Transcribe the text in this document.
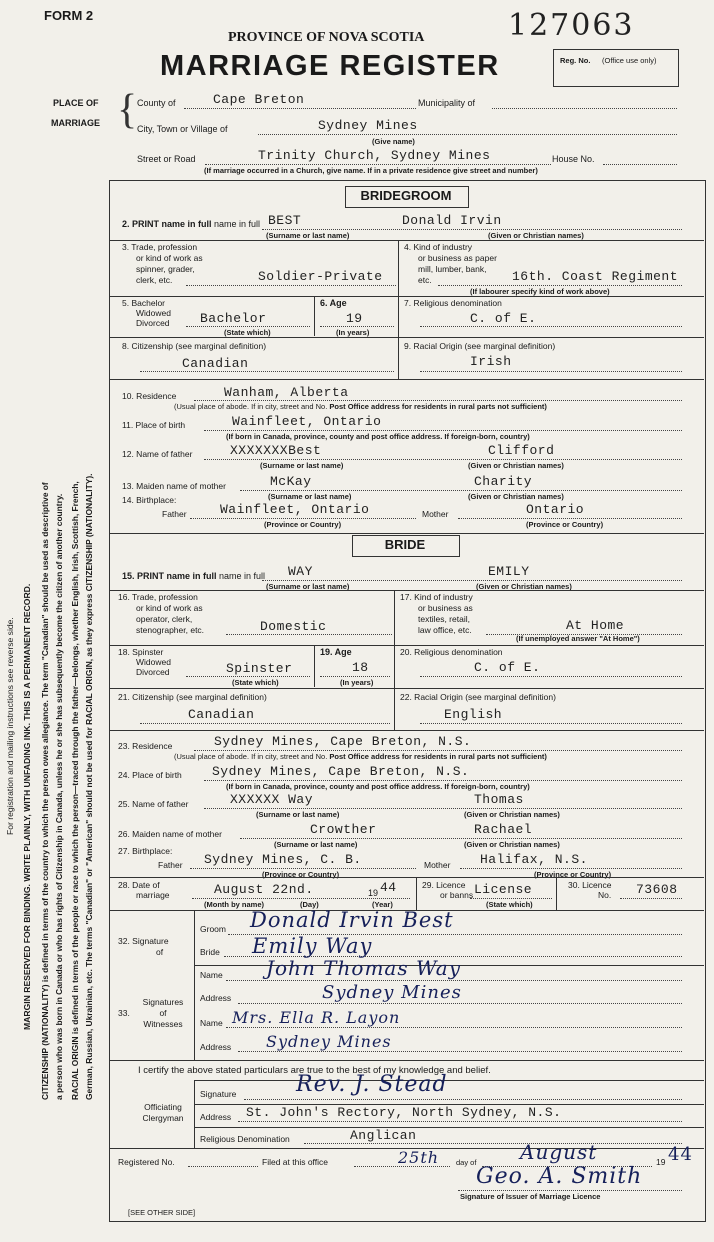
FORM 2	127063
PROVINCE OF NOVA SCOTIA
MARRIAGE REGISTER	Reg. No. (Office use only)
PLACE OF
MARRIAGE { County of	Cape Breton	Municipality of
City, Town or Village of	Sydney Mines
(Give name)
Street or Road	Trinity Church, Sydney Mines	House No.
(If marriage occurred in a Church, give name. If in a private residence give street and number)
For registration and mailing instructions see reverse side. MARGIN RESERVED FOR BINDING. WRITE PLAINLY, WITH UNFADING INK. THIS IS A PERMANENT RECORD. CITIZENSHIP (NATIONALITY) is defined in terms of the country to which the person owes allegiance. The term "Canadian" should be used as descriptive of a person who was born in Canada or who has rights of Citizenship in Canada, unless he or she has subsequently become the citizen of another country. RACIAL ORIGIN is defined in terms of the people or race to which the person—traced through the father—belongs, whether English, Irish, Scottish, French, German, Russian, Ukrainian, etc. The terms "Canadian" or "American" should not be used for RACIAL ORIGIN, as they express CITIZENSHIP (NATIONALITY).
BRIDEGROOM
2. PRINT name in full name in full BEST	Donald Irvin
(Surname or last name)	(Given or Christian names)
3. Trade, profession
or kind of work as
spinner, grader,
clerk, etc.	Soldier-Private
4. Kind of industry
or business as paper
mill, lumber, bank,
etc.	16th. Coast Regiment
(If labourer specify kind of work above)
5. Bachelor
Widowed
Divorced Bachelor
(State which)
6. Age
19
(In years)
7. Religious denomination
C. of E.
8. Citizenship (see marginal definition)
Canadian
9. Racial Origin (see marginal definition)
Irish
10. Residence	Wanham, Alberta
(Usual place of abode. If in city, street and No. Post Office address for residents in rural parts not sufficient)
11. Place of birth	Wainfleet, Ontario
(If born in Canada, province, county and post office address. If foreign-born, country)
12. Name of father	XXXXXXXBest	Clifford
(Surname or last name)	(Given or Christian names)
13. Maiden name of mother	McKay	Charity
(Surname or last name)	(Given or Christian names)
14. Birthplace:
Father	Wainfleet, Ontario	Mother	Ontario
(Province or Country)	(Province or Country)
BRIDE
15. PRINT name in full name in full WAY	EMILY
(Surname or last name)	(Given or Christian names)
16. Trade, profession
or kind of work as
operator, clerk,
stenographer, etc.	Domestic
17. Kind of industry
or business as
textiles, retail,
law office, etc.	At Home
(If unemployed answer "At Home")
18. Spinster
Widowed
Divorced	Spinster
(State which)
19. Age
18
(In years)
20. Religious denomination
C. of E.
21. Citizenship (see marginal definition)
Canadian
22. Racial Origin (see marginal definition)
English
23. Residence	Sydney Mines, Cape Breton, N.S.
(Usual place of abode. If in city, street and No. Post Office address for residents in rural parts not sufficient)
24. Place of birth Sydney Mines, Cape Breton, N.S.
(If born in Canada, province, county and post office address. If foreign-born, country)
25. Name of father	XXXXXX Way	Thomas
(Surname or last name)	(Given or Christian names)
26. Maiden name of mother	Crowther	Rachael
(Surname or last name)	(Given or Christian names)
27. Birthplace:
Father Sydney Mines, C. B.	Mother Halifax, N.S.
(Province or Country)	(Province or Country)
28. Date of
marriage	August 22nd.	19 44
(Month by name)	(Day)	(Year)
29. Licence
or banns License
(State which)
30. Licence
No. 73608
32. Signature
of
Groom Donald Irvin Best
Bride Emily Way
Signatures
of
Witnesses
33.
Name John Thomas Way
Address	Sydney Mines
Name Mrs. Ella R. Layon
Address Sydney Mines
I certify the above stated particulars are true to the best of my knowledge and belief.
Officiating
Clergyman
Signature	Rev. J. Stead
Address St. John's Rectory, North Sydney, N.S.
Religious Denomination	Anglican
Registered No.	Filed at this office	25th day of August	19 44
Geo. A. Smith
Signature of Issuer of Marriage Licence
[SEE OTHER SIDE]
